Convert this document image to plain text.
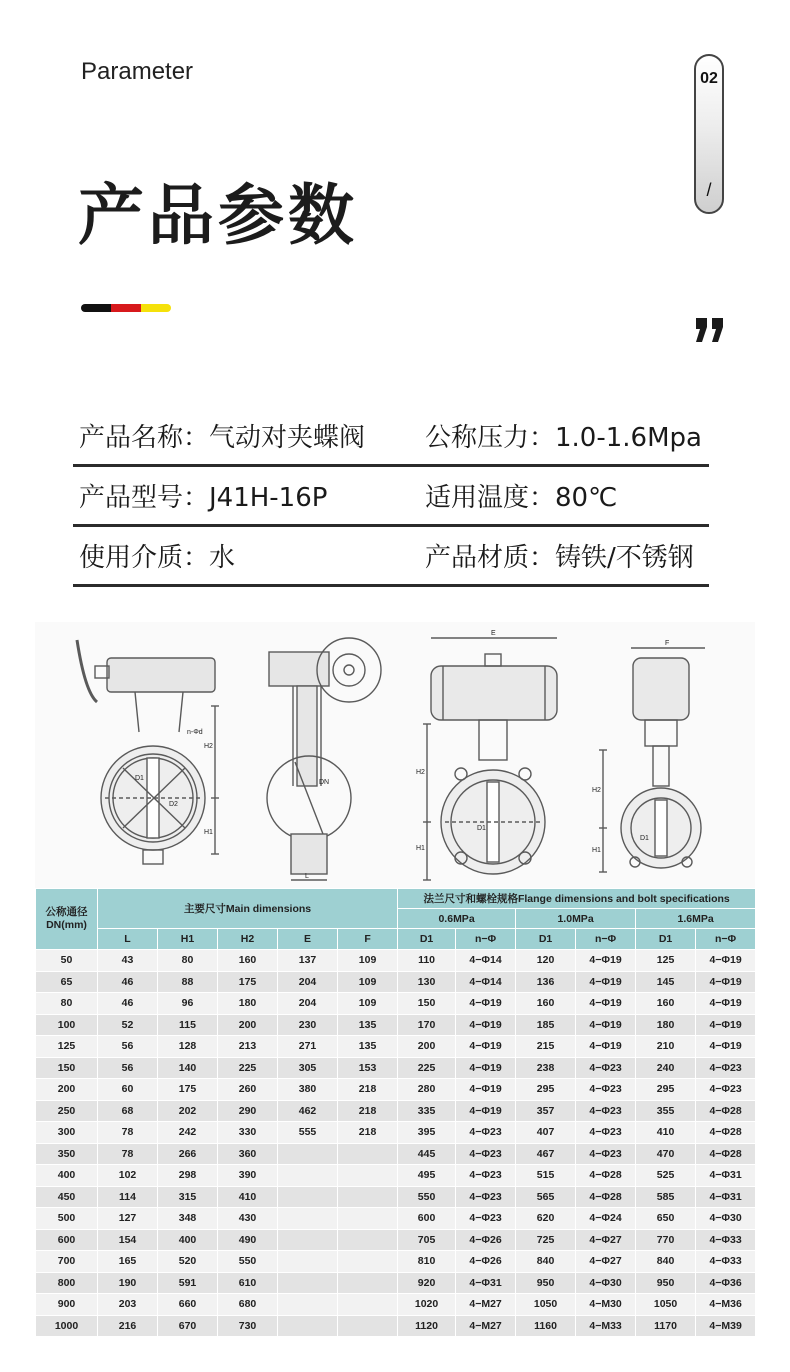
Parameter
产品参数
02
/
产品名称：气动对夹蝶阀 公称压力：1.0-1.6Mpa
产品型号：J41H-16P	适用温度：80℃
使用介质：水	产品材质：铸铁/不锈钢
n-Φd
H2
H1
D1
D2
DN
L
E
H2
H1
D1
F
H2
H1
D1
公称通径 DN(mm)	主要尺寸Main dimensions					法兰尺寸和螺栓规格Flange dimensions and bolt specifications					
						0.6MPa		1.0MPa		1.6MPa	
	L	H1	H2	E	F	D1	n−Φ	D1	n−Φ	D1	n−Φ
50	43	80	160	137	109	110	4−Φ14	120	4−Φ19	125	4−Φ19
65	46	88	175	204	109	130	4−Φ14	136	4−Φ19	145	4−Φ19
80	46	96	180	204	109	150	4−Φ19	160	4−Φ19	160	4−Φ19
100	52	115	200	230	135	170	4−Φ19	185	4−Φ19	180	4−Φ19
125	56	128	213	271	135	200	4−Φ19	215	4−Φ19	210	4−Φ19
150	56	140	225	305	153	225	4−Φ19	238	4−Φ23	240	4−Φ23
200	60	175	260	380	218	280	4−Φ19	295	4−Φ23	295	4−Φ23
250	68	202	290	462	218	335	4−Φ19	357	4−Φ23	355	4−Φ28
300	78	242	330	555	218	395	4−Φ23	407	4−Φ23	410	4−Φ28
350	78	266	360			445	4−Φ23	467	4−Φ23	470	4−Φ28
400	102	298	390			495	4−Φ23	515	4−Φ28	525	4−Φ31
450	114	315	410			550	4−Φ23	565	4−Φ28	585	4−Φ31
500	127	348	430			600	4−Φ23	620	4−Φ24	650	4−Φ30
600	154	400	490			705	4−Φ26	725	4−Φ27	770	4−Φ33
700	165	520	550			810	4−Φ26	840	4−Φ27	840	4−Φ33
800	190	591	610			920	4−Φ31	950	4−Φ30	950	4−Φ36
900	203	660	680			1020	4−M27	1050	4−M30	1050	4−M36
1000	216	670	730			1120	4−M27	1160	4−M33	1170	4−M39
